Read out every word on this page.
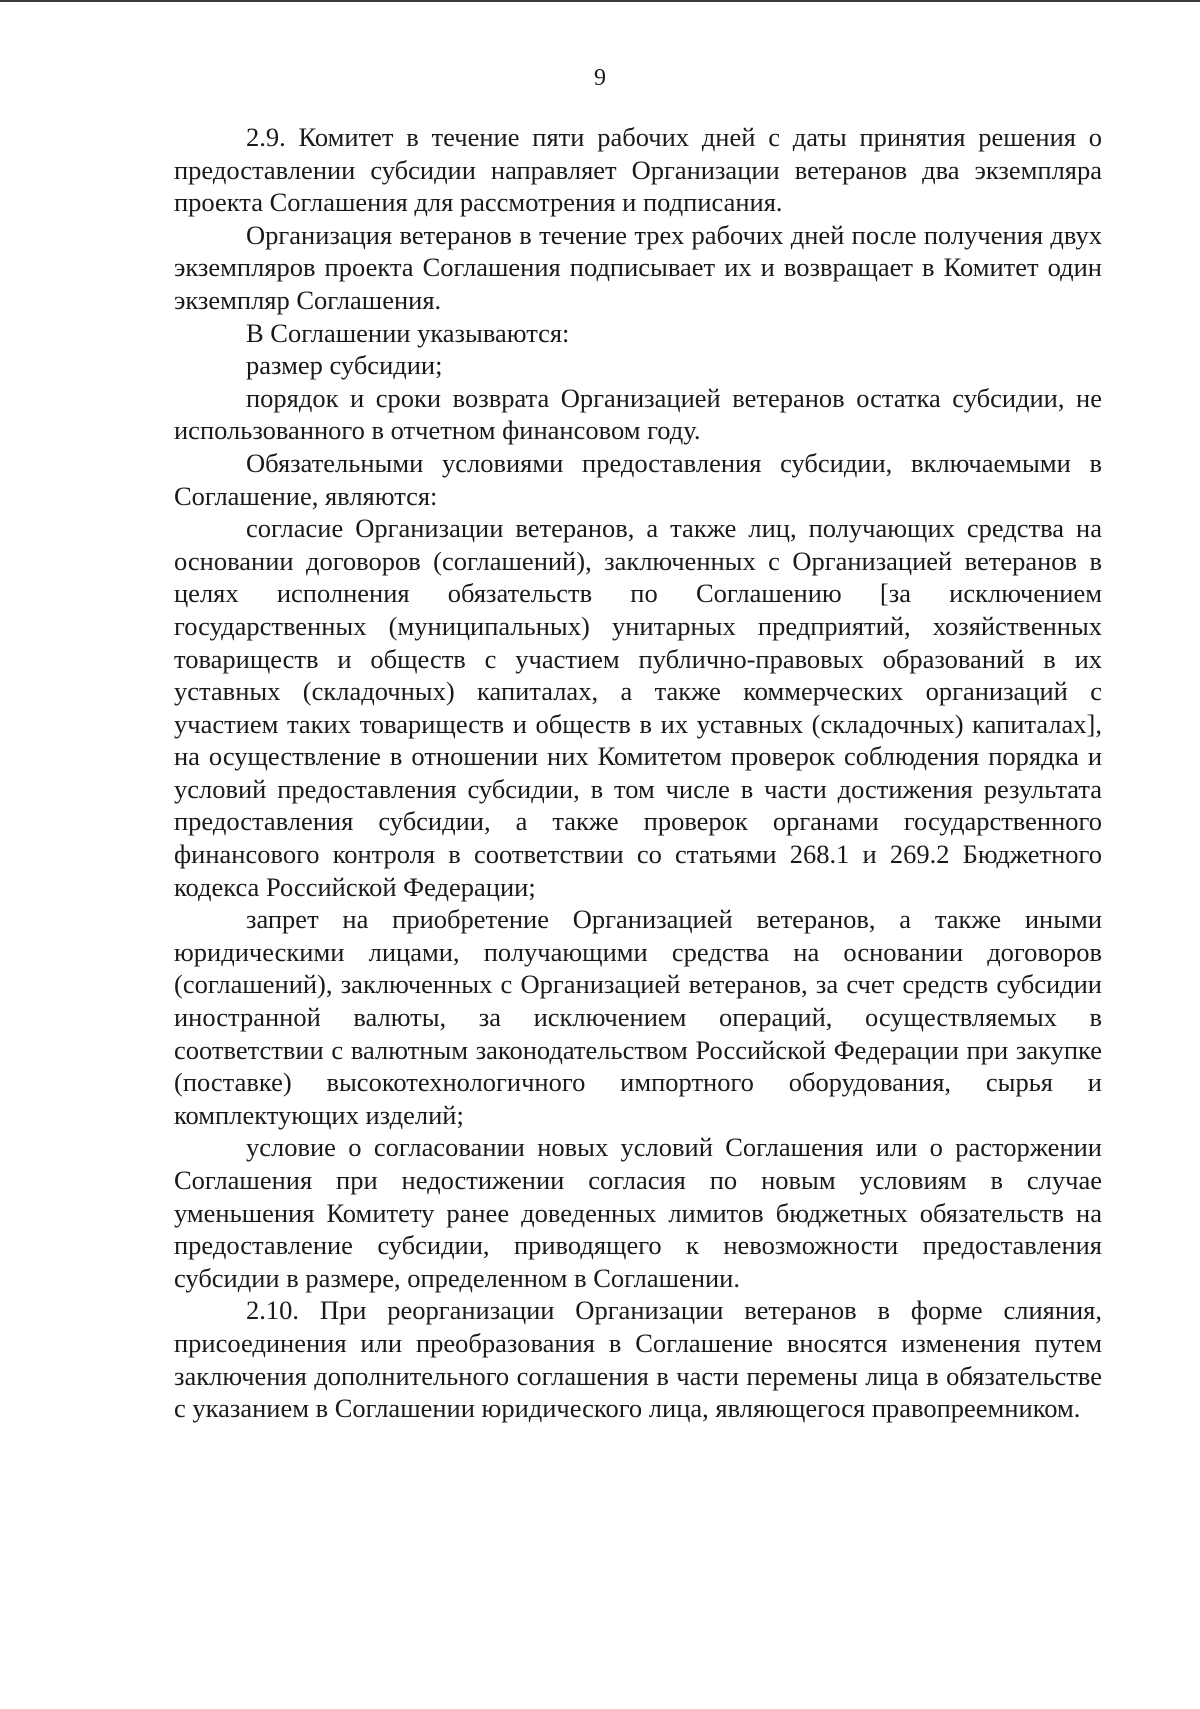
9

2.9. Комитет в течение пяти рабочих дней с даты принятия решения о предоставлении субсидии направляет Организации ветеранов два экземпляра проекта Соглашения для рассмотрения и подписания.

Организация ветеранов в течение трех рабочих дней после получения двух экземпляров проекта Соглашения подписывает их и возвращает в Комитет один экземпляр Соглашения.

В Соглашении указываются:

размер субсидии;

порядок и сроки возврата Организацией ветеранов остатка субсидии, не использованного в отчетном финансовом году.

Обязательными условиями предоставления субсидии, включаемыми в Соглашение, являются:

согласие Организации ветеранов, а также лиц, получающих средства на основании договоров (соглашений), заключенных с Организацией ветеранов в целях исполнения обязательств по Соглашению [за исключением государственных (муниципальных) унитарных предприятий, хозяйственных товариществ и обществ с участием публично-правовых образований в их уставных (складочных) капиталах, а также коммерческих организаций с участием таких товариществ и обществ в их уставных (складочных) капиталах], на осуществление в отношении них Комитетом проверок соблюдения порядка и условий предоставления субсидии, в том числе в части достижения результата предоставления субсидии, а также проверок органами государственного финансового контроля в соответствии со статьями 268.1 и 269.2 Бюджетного кодекса Российской Федерации;

запрет на приобретение Организацией ветеранов, а также иными юридическими лицами, получающими средства на основании договоров (соглашений), заключенных с Организацией ветеранов, за счет средств субсидии иностранной валюты, за исключением операций, осуществляемых в соответствии с валютным законодательством Российской Федерации при закупке (поставке) высокотехнологичного импортного оборудования, сырья и комплектующих изделий;

условие о согласовании новых условий Соглашения или о расторжении Соглашения при недостижении согласия по новым условиям в случае уменьшения Комитету ранее доведенных лимитов бюджетных обязательств на предоставление субсидии, приводящего к невозможности предоставления субсидии в размере, определенном в Соглашении.

2.10. При реорганизации Организации ветеранов в форме слияния, присоединения или преобразования в Соглашение вносятся изменения путем заключения дополнительного соглашения в части перемены лица в обязательстве с указанием в Соглашении юридического лица, являющегося правопреемником.
